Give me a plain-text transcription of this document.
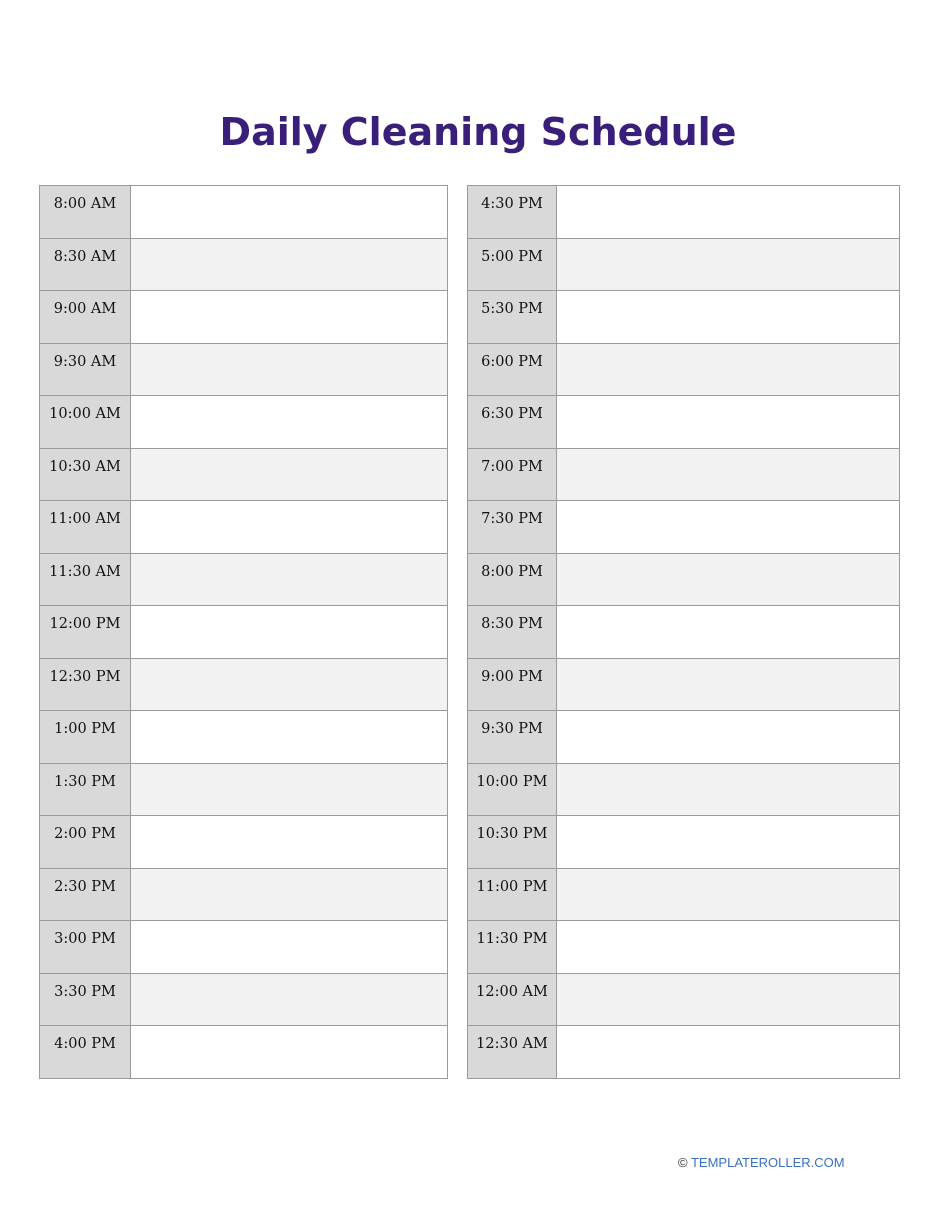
Daily Cleaning Schedule
8:00 AM
8:30 AM
9:00 AM
9:30 AM
10:00 AM
10:30 AM
11:00 AM
11:30 AM
12:00 PM
12:30 PM
1:00 PM
1:30 PM
2:00 PM
2:30 PM
3:00 PM
3:30 PM
4:00 PM
4:30 PM
5:00 PM
5:30 PM
6:00 PM
6:30 PM
7:00 PM
7:30 PM
8:00 PM
8:30 PM
9:00 PM
9:30 PM
10:00 PM
10:30 PM
11:00 PM
11:30 PM
12:00 AM
12:30 AM
© TEMPLATEROLLER.COM
